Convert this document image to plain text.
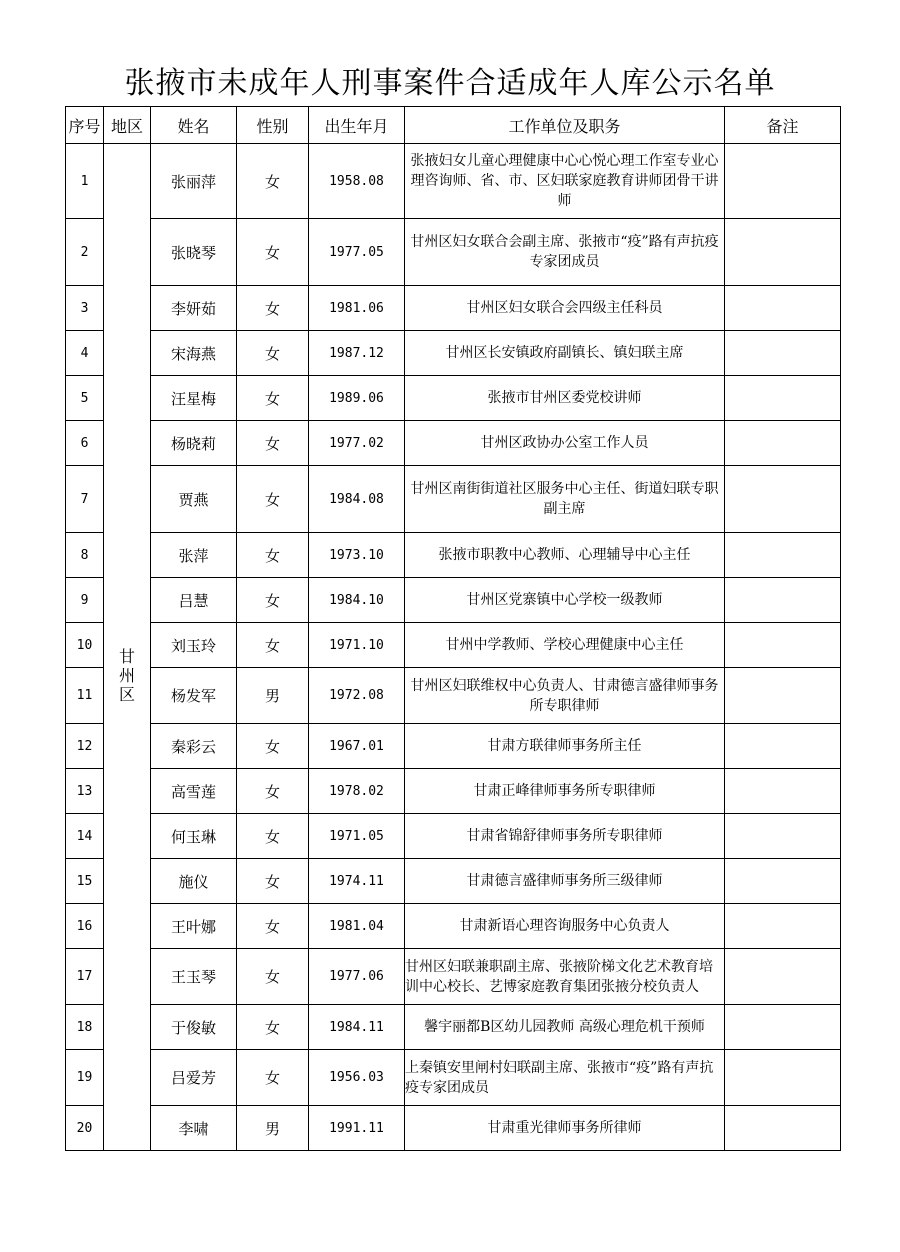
张掖市未成年人刑事案件合适成年人库公示名单
序号	地区	姓名	性别	出生年月	工作单位及职务	备注
1	甘州区	张丽萍	女	1958.08	张掖妇女儿童心理健康中心心悦心理工作室专业心理咨询师、省、市、区妇联家庭教育讲师团骨干讲师	
2		张晓琴	女	1977.05	甘州区妇女联合会副主席、张掖市“疫”路有声抗疫专家团成员	
3		李妍茹	女	1981.06	甘州区妇女联合会四级主任科员	
4		宋海燕	女	1987.12	甘州区长安镇政府副镇长、镇妇联主席	
5		汪星梅	女	1989.06	张掖市甘州区委党校讲师	
6		杨晓莉	女	1977.02	甘州区政协办公室工作人员	
7		贾燕	女	1984.08	甘州区南街街道社区服务中心主任、街道妇联专职副主席	
8		张萍	女	1973.10	张掖市职教中心教师、心理辅导中心主任	
9		吕慧	女	1984.10	甘州区党寨镇中心学校一级教师	
10		刘玉玲	女	1971.10	甘州中学教师、学校心理健康中心主任	
11		杨发军	男	1972.08	甘州区妇联维权中心负责人、甘肃德言盛律师事务所专职律师	
12		秦彩云	女	1967.01	甘肃方联律师事务所主任	
13		高雪莲	女	1978.02	甘肃正峰律师事务所专职律师	
14		何玉琳	女	1971.05	甘肃省锦舒律师事务所专职律师	
15		施仪	女	1974.11	甘肃德言盛律师事务所三级律师	
16		王叶娜	女	1981.04	甘肃新语心理咨询服务中心负责人	
17		王玉琴	女	1977.06	甘州区妇联兼职副主席、张掖阶梯文化艺术教育培训中心校长、艺博家庭教育集团张掖分校负责人	
18		于俊敏	女	1984.11	馨宇丽都B区幼儿园教师 高级心理危机干预师	
19		吕爱芳	女	1956.03	上秦镇安里闸村妇联副主席、张掖市“疫”路有声抗疫专家团成员	
20		李啸	男	1991.11	甘肃重光律师事务所律师	
